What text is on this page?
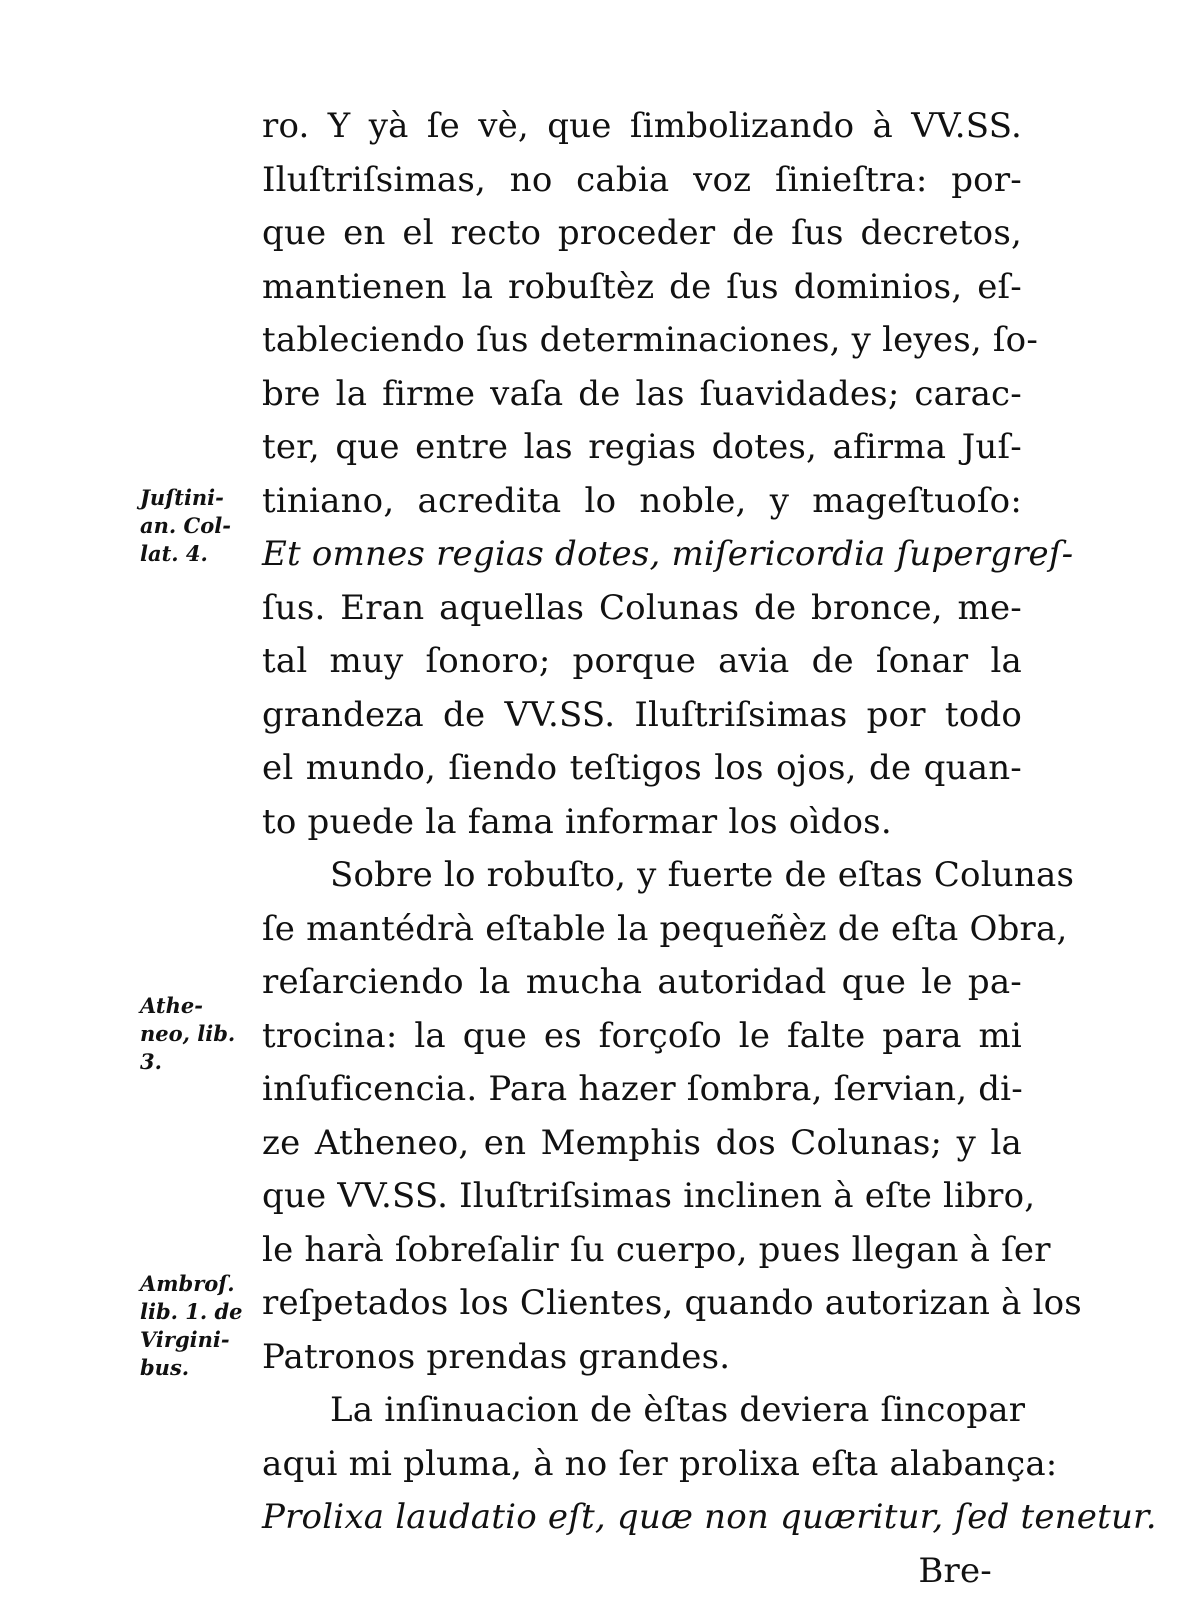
ro. Y yà ſe vè, que ſimbolizando à VV.SS.
Iluſtriſsimas, no cabia voz ſinieſtra: por-
que en el recto proceder de ſus decretos,
mantienen la robuſtèz de ſus dominios, eſ-
tableciendo ſus determinaciones, y leyes, ſo-
bre la firme vaſa de las ſuavidades; carac-
ter, que entre las regias dotes, afirma Juſ-
tiniano, acredita lo noble, y mageſtuoſo:
Et omnes regias dotes, miſericordia ſupergreſ-
ſus. Eran aquellas Colunas de bronce, me-
tal muy ſonoro; porque avia de ſonar la
grandeza de VV.SS. Iluſtriſsimas por todo
el mundo, ſiendo teſtigos los ojos, de quan-
to puede la fama informar los oìdos.
Sobre lo robuſto, y fuerte de eſtas Colunas
ſe mantédrà eſtable la pequeñèz de eſta Obra,
reſarciendo la mucha autoridad que le pa-
trocina: la que es forçoſo le falte para mi
inſuficencia. Para hazer ſombra, ſervian, di-
ze Atheneo, en Memphis dos Colunas; y la
que VV.SS. Iluſtriſsimas inclinen à eſte libro,
le harà ſobreſalir ſu cuerpo, pues llegan à ſer
reſpetados los Clientes, quando autorizan à los
Patronos prendas grandes.
La inſinuacion de èſtas deviera ſincopar
aqui mi pluma, à no ſer prolixa eſta alabança:
Prolixa laudatio eſt, quæ non quæritur, ſed tenetur.
Bre-
Juſtini-
an. Col-
lat. 4.
Athe-
neo, lib.
3.
Ambroſ.
lib. 1. de
Virgini-
bus.
